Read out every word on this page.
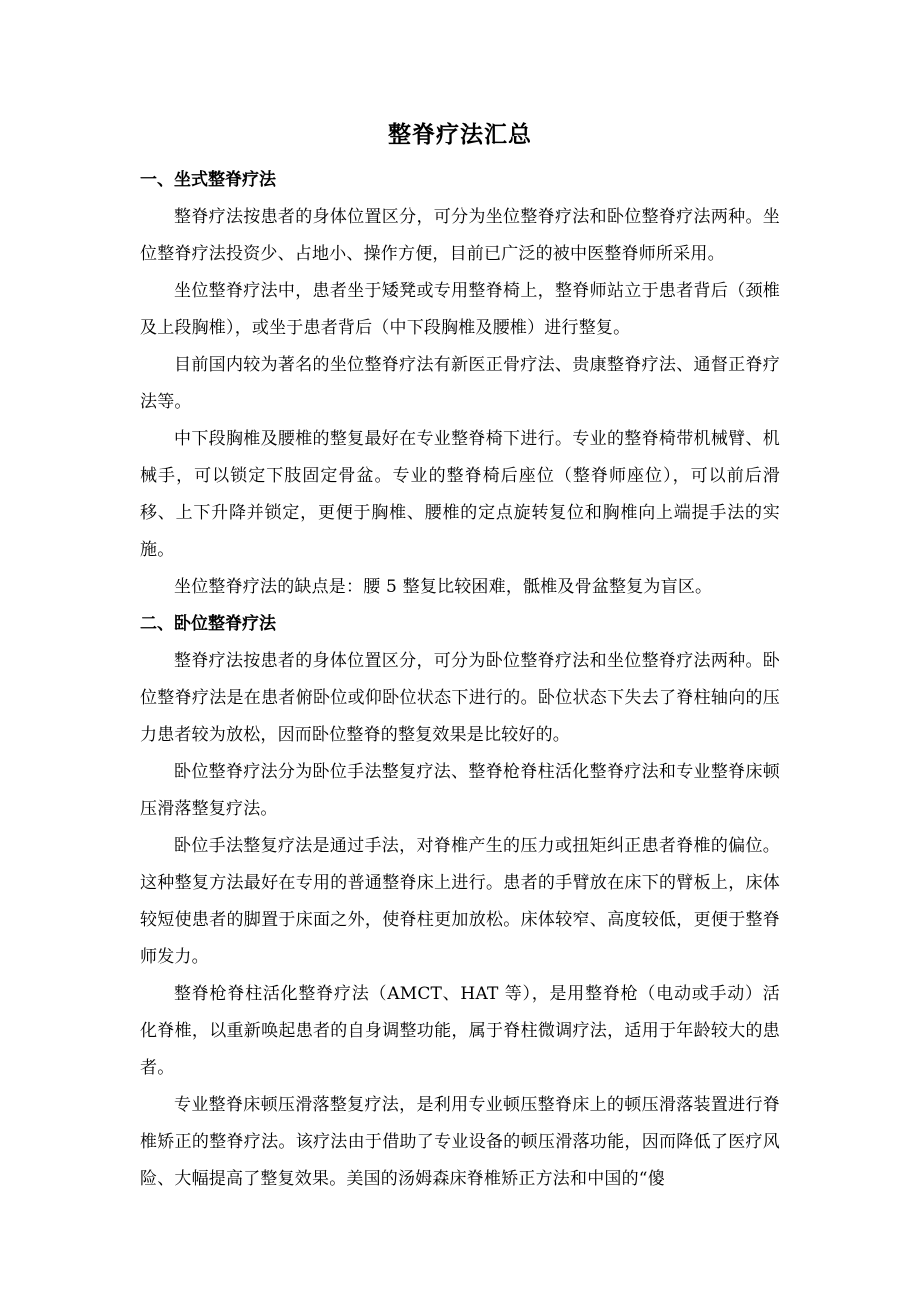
整脊疗法汇总
一、坐式整脊疗法

整脊疗法按患者的身体位置区分，可分为坐位整脊疗法和卧位整脊疗法两种。坐位整脊疗法投资少、占地小、操作方便，目前已广泛的被中医整脊师所采用。

坐位整脊疗法中，患者坐于矮凳或专用整脊椅上，整脊师站立于患者背后（颈椎及上段胸椎），或坐于患者背后（中下段胸椎及腰椎）进行整复。

目前国内较为著名的坐位整脊疗法有新医正骨疗法、贵康整脊疗法、通督正脊疗法等。

中下段胸椎及腰椎的整复最好在专业整脊椅下进行。专业的整脊椅带机械臂、机械手，可以锁定下肢固定骨盆。专业的整脊椅后座位（整脊师座位），可以前后滑移、上下升降并锁定，更便于胸椎、腰椎的定点旋转复位和胸椎向上端提手法的实施。

坐位整脊疗法的缺点是：腰 5 整复比较困难，骶椎及骨盆整复为盲区。

二、卧位整脊疗法

整脊疗法按患者的身体位置区分，可分为卧位整脊疗法和坐位整脊疗法两种。卧位整脊疗法是在患者俯卧位或仰卧位状态下进行的。卧位状态下失去了脊柱轴向的压力患者较为放松，因而卧位整脊的整复效果是比较好的。

卧位整脊疗法分为卧位手法整复疗法、整脊枪脊柱活化整脊疗法和专业整脊床顿压滑落整复疗法。

卧位手法整复疗法是通过手法，对脊椎产生的压力或扭矩纠正患者脊椎的偏位。这种整复方法最好在专用的普通整脊床上进行。患者的手臂放在床下的臂板上，床体较短使患者的脚置于床面之外，使脊柱更加放松。床体较窄、高度较低，更便于整脊师发力。

整脊枪脊柱活化整脊疗法（AMCT、HAT 等），是用整脊枪（电动或手动）活化脊椎，以重新唤起患者的自身调整功能，属于脊柱微调疗法，适用于年龄较大的患者。

专业整脊床顿压滑落整复疗法，是利用专业顿压整脊床上的顿压滑落装置进行脊椎矫正的整脊疗法。该疗法由于借助了专业设备的顿压滑落功能，因而降低了医疗风险、大幅提高了整复效果。美国的汤姆森床脊椎矫正方法和中国的“傻
